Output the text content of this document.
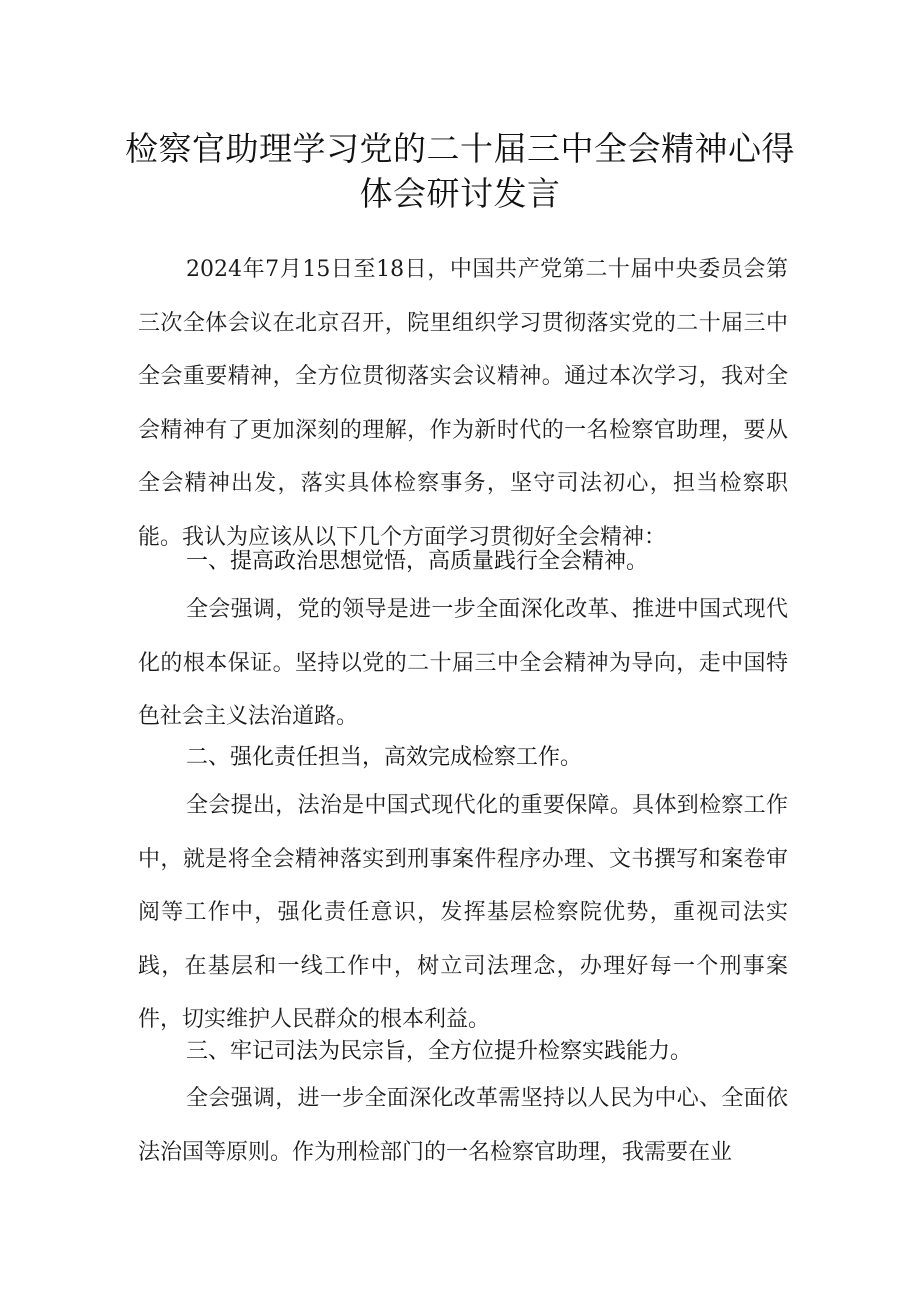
检察官助理学习党的二十届三中全会精神心得
体会研讨发言

2024年7月15日至18日，中国共产党第二十届中央委员会第三次全体会议在北京召开，院里组织学习贯彻落实党的二十届三中全会重要精神，全方位贯彻落实会议精神。通过本次学习，我对全会精神有了更加深刻的理解，作为新时代的一名检察官助理，要从全会精神出发，落实具体检察事务，坚守司法初心，担当检察职能。我认为应该从以下几个方面学习贯彻好全会精神：

一、提高政治思想觉悟，高质量践行全会精神。

全会强调，党的领导是进一步全面深化改革、推进中国式现代化的根本保证。坚持以党的二十届三中全会精神为导向，走中国特色社会主义法治道路。

二、强化责任担当，高效完成检察工作。

全会提出，法治是中国式现代化的重要保障。具体到检察工作中，就是将全会精神落实到刑事案件程序办理、文书撰写和案卷审阅等工作中，强化责任意识，发挥基层检察院优势，重视司法实践，在基层和一线工作中，树立司法理念，办理好每一个刑事案件，切实维护人民群众的根本利益。

三、牢记司法为民宗旨，全方位提升检察实践能力。

全会强调，进一步全面深化改革需坚持以人民为中心、全面依法治国等原则。作为刑检部门的一名检察官助理，我需要在业
